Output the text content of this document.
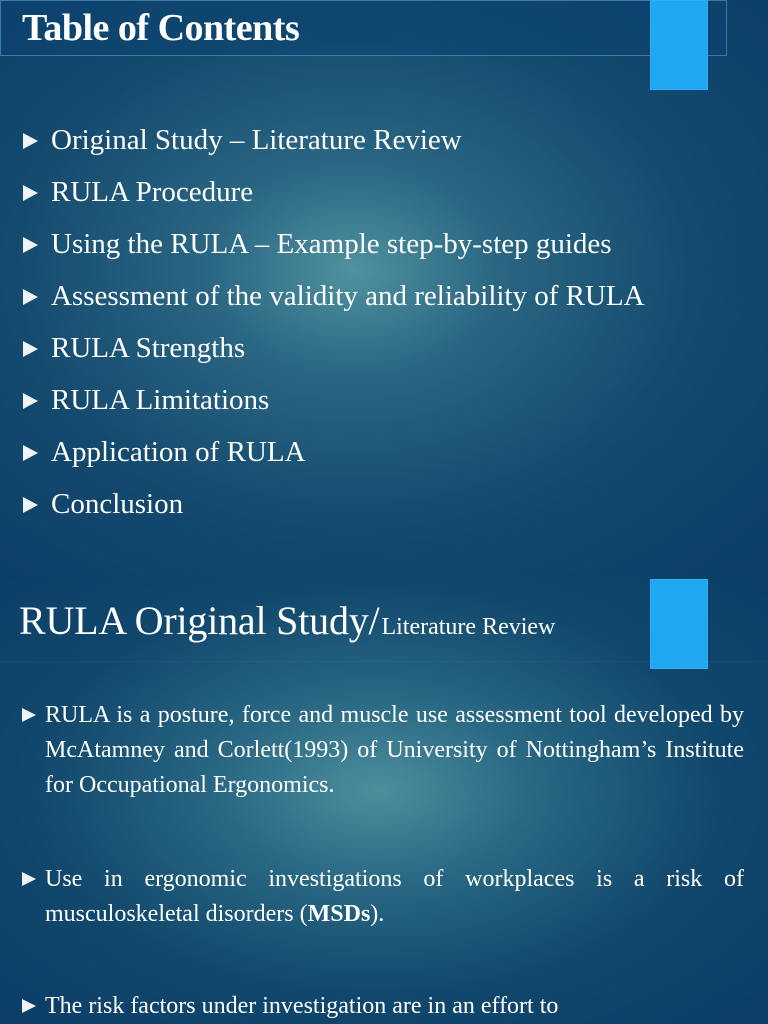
Table of Contents
Original Study – Literature Review
RULA Procedure
Using the RULA – Example step-by-step guides
Assessment of the validity and reliability of RULA
RULA Strengths
RULA Limitations
Application of RULA
Conclusion
RULA Original Study/Literature Review
RULA is a posture, force and muscle use assessment tool developed by McAtamney and Corlett(1993) of University of Nottingham’s Institute for Occupational Ergonomics.
Use in ergonomic investigations of workplaces is a risk of musculoskeletal disorders (MSDs).
The risk factors under investigation are in an effort to
